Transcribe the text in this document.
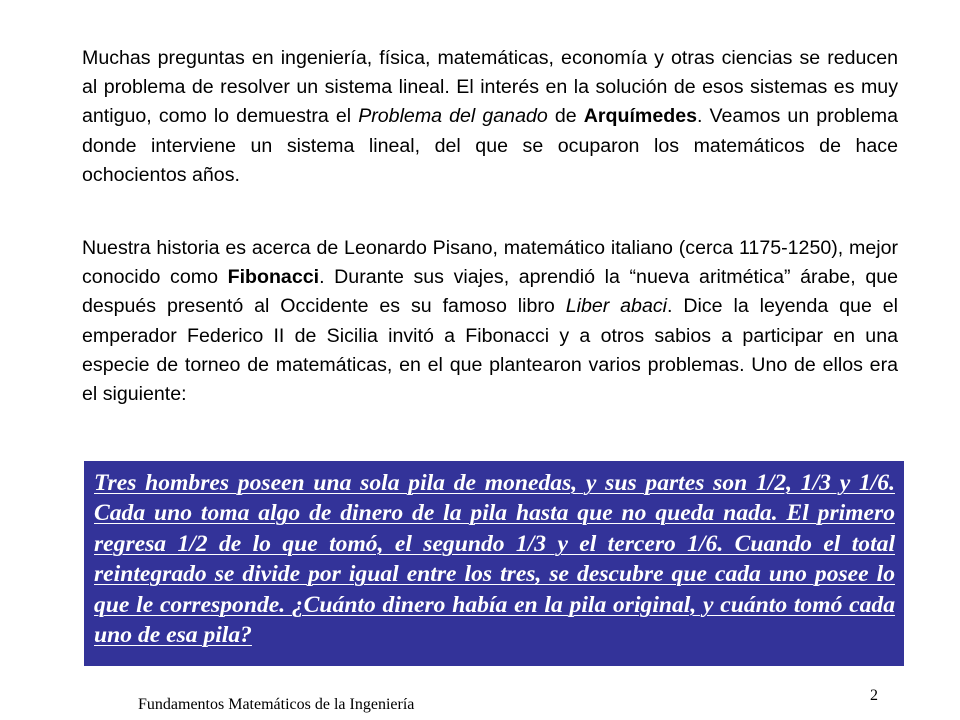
Muchas preguntas en ingeniería, física, matemáticas, economía y otras ciencias se reducen al problema de resolver un sistema lineal. El interés en la solución de esos sistemas es muy antiguo, como lo demuestra el Problema del ganado de Arquímedes. Veamos un problema donde interviene un sistema lineal, del que se ocuparon los matemáticos de hace ochocientos años.

Nuestra historia es acerca de Leonardo Pisano, matemático italiano (cerca 1175-1250), mejor conocido como Fibonacci. Durante sus viajes, aprendió la “nueva aritmética” árabe, que después presentó al Occidente es su famoso libro Liber abaci. Dice la leyenda que el emperador Federico II de Sicilia invitó a Fibonacci y a otros sabios a participar en una especie de torneo de matemáticas, en el que plantearon varios problemas. Uno de ellos era el siguiente:

Tres hombres poseen una sola pila de monedas, y sus partes son 1/2, 1/3 y 1/6. Cada uno toma algo de dinero de la pila hasta que no queda nada. El primero regresa 1/2 de lo que tomó, el segundo 1/3 y el tercero 1/6. Cuando el total reintegrado se divide por igual entre los tres, se descubre que cada uno posee lo que le corresponde. ¿Cuánto dinero había en la pila original, y cuánto tomó cada uno de esa pila?

Fundamentos Matemáticos de la Ingeniería

2
